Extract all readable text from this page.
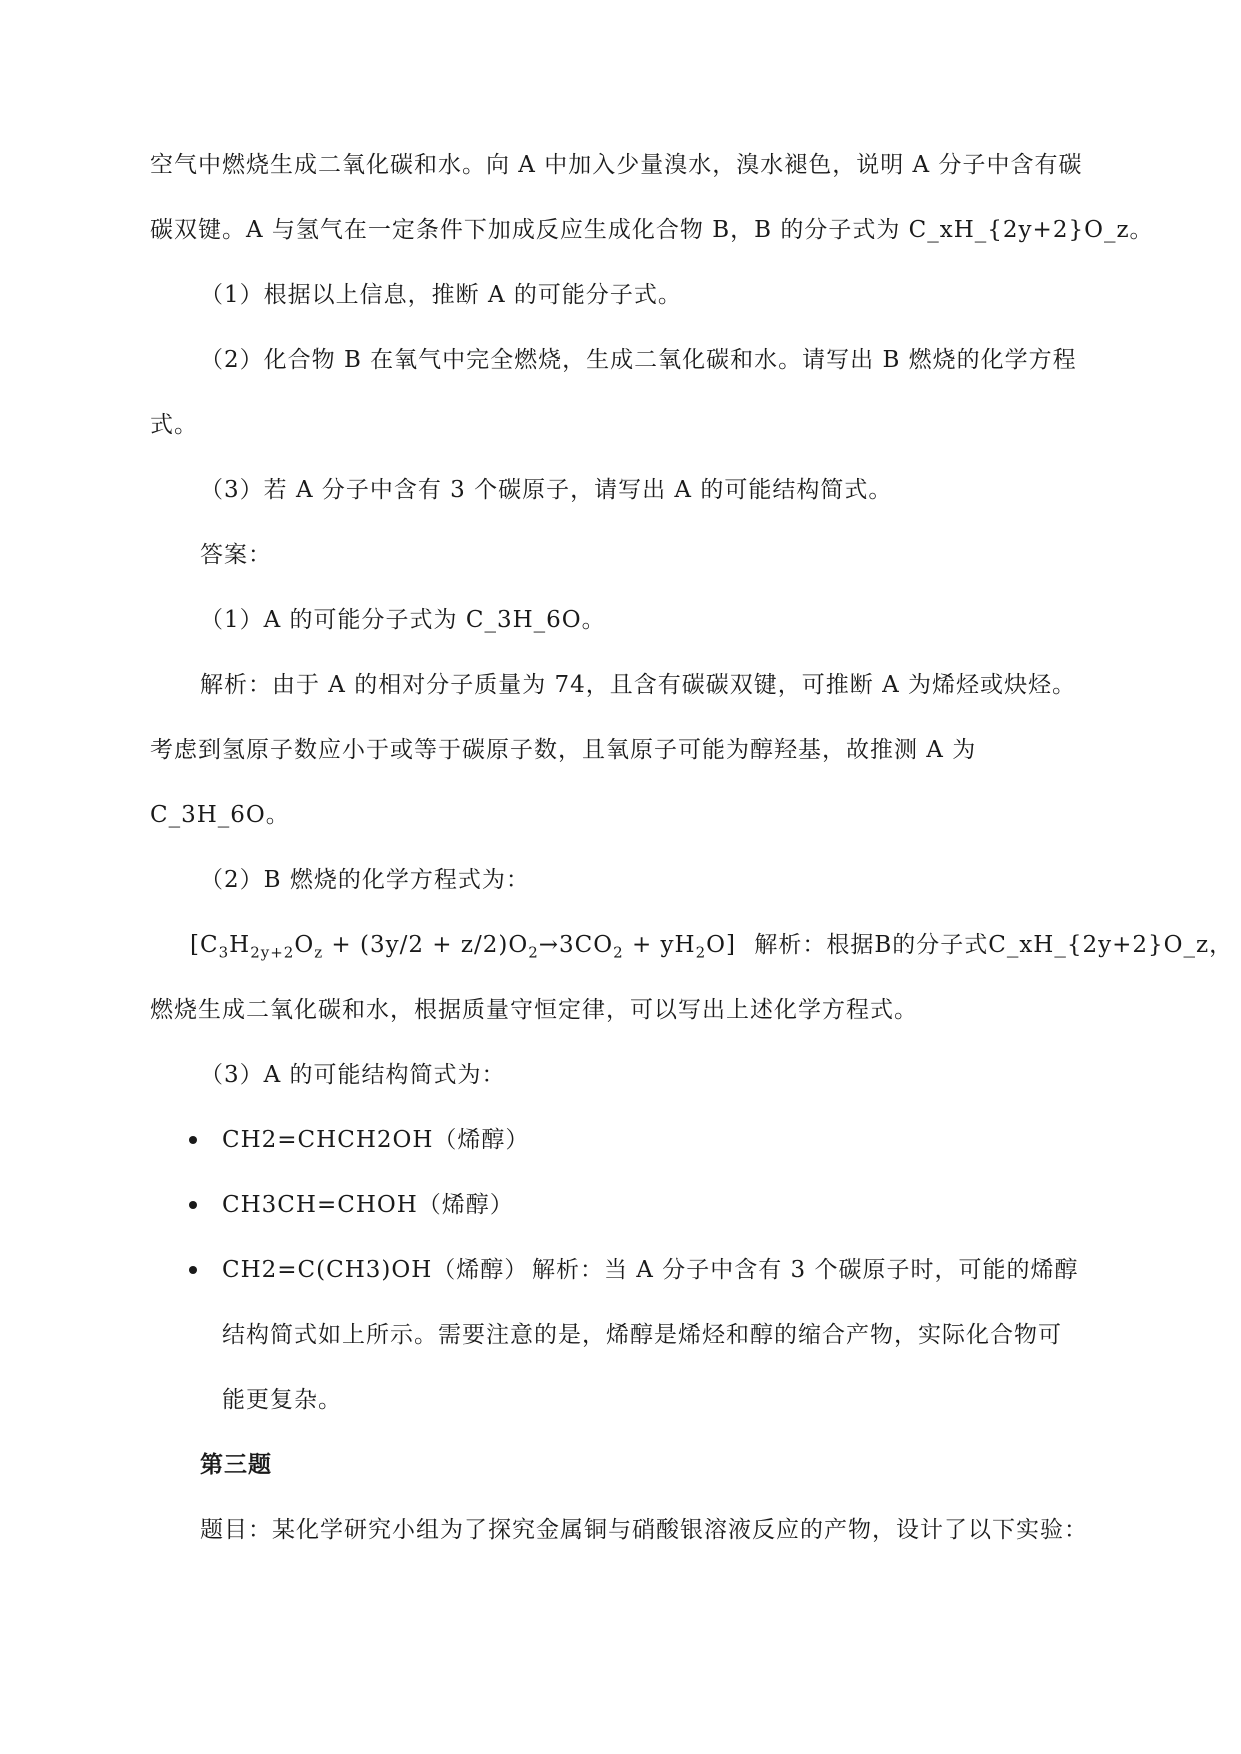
空气中燃烧生成二氧化碳和水。向 A 中加入少量溴水，溴水褪色，说明 A 分子中含有碳
碳双键。A 与氢气在一定条件下加成反应生成化合物 B，B 的分子式为 C_xH_{2y+2}O_z。
（1）根据以上信息，推断 A 的可能分子式。
（2）化合物 B 在氧气中完全燃烧，生成二氧化碳和水。请写出 B 燃烧的化学方程
式。
（3）若 A 分子中含有 3 个碳原子，请写出 A 的可能结构简式。
答案：
（1）A 的可能分子式为 C_3H_6O。
解析：由于 A 的相对分子质量为 74，且含有碳碳双键，可推断 A 为烯烃或炔烃。
考虑到氢原子数应小于或等于碳原子数，且氧原子可能为醇羟基，故推测 A 为
C_3H_6O。
（2）B 燃烧的化学方程式为：
$[C_3H_{2y+2}O_z + (3y/2 + z/2)O_2\to 3CO_2 + yH_2O]$ 解析：根据B的分子式C_xH_{2y+2}O_z，
燃烧生成二氧化碳和水，根据质量守恒定律，可以写出上述化学方程式。
（3）A 的可能结构简式为：
CH2=CHCH2OH（烯醇）
CH3CH=CHOH（烯醇）
CH2=C(CH3)OH（烯醇） 解析：当 A 分子中含有 3 个碳原子时，可能的烯醇
结构简式如上所示。需要注意的是，烯醇是烯烃和醇的缩合产物，实际化合物可
能更复杂。
第三题
题目：某化学研究小组为了探究金属铜与硝酸银溶液反应的产物，设计了以下实验：
